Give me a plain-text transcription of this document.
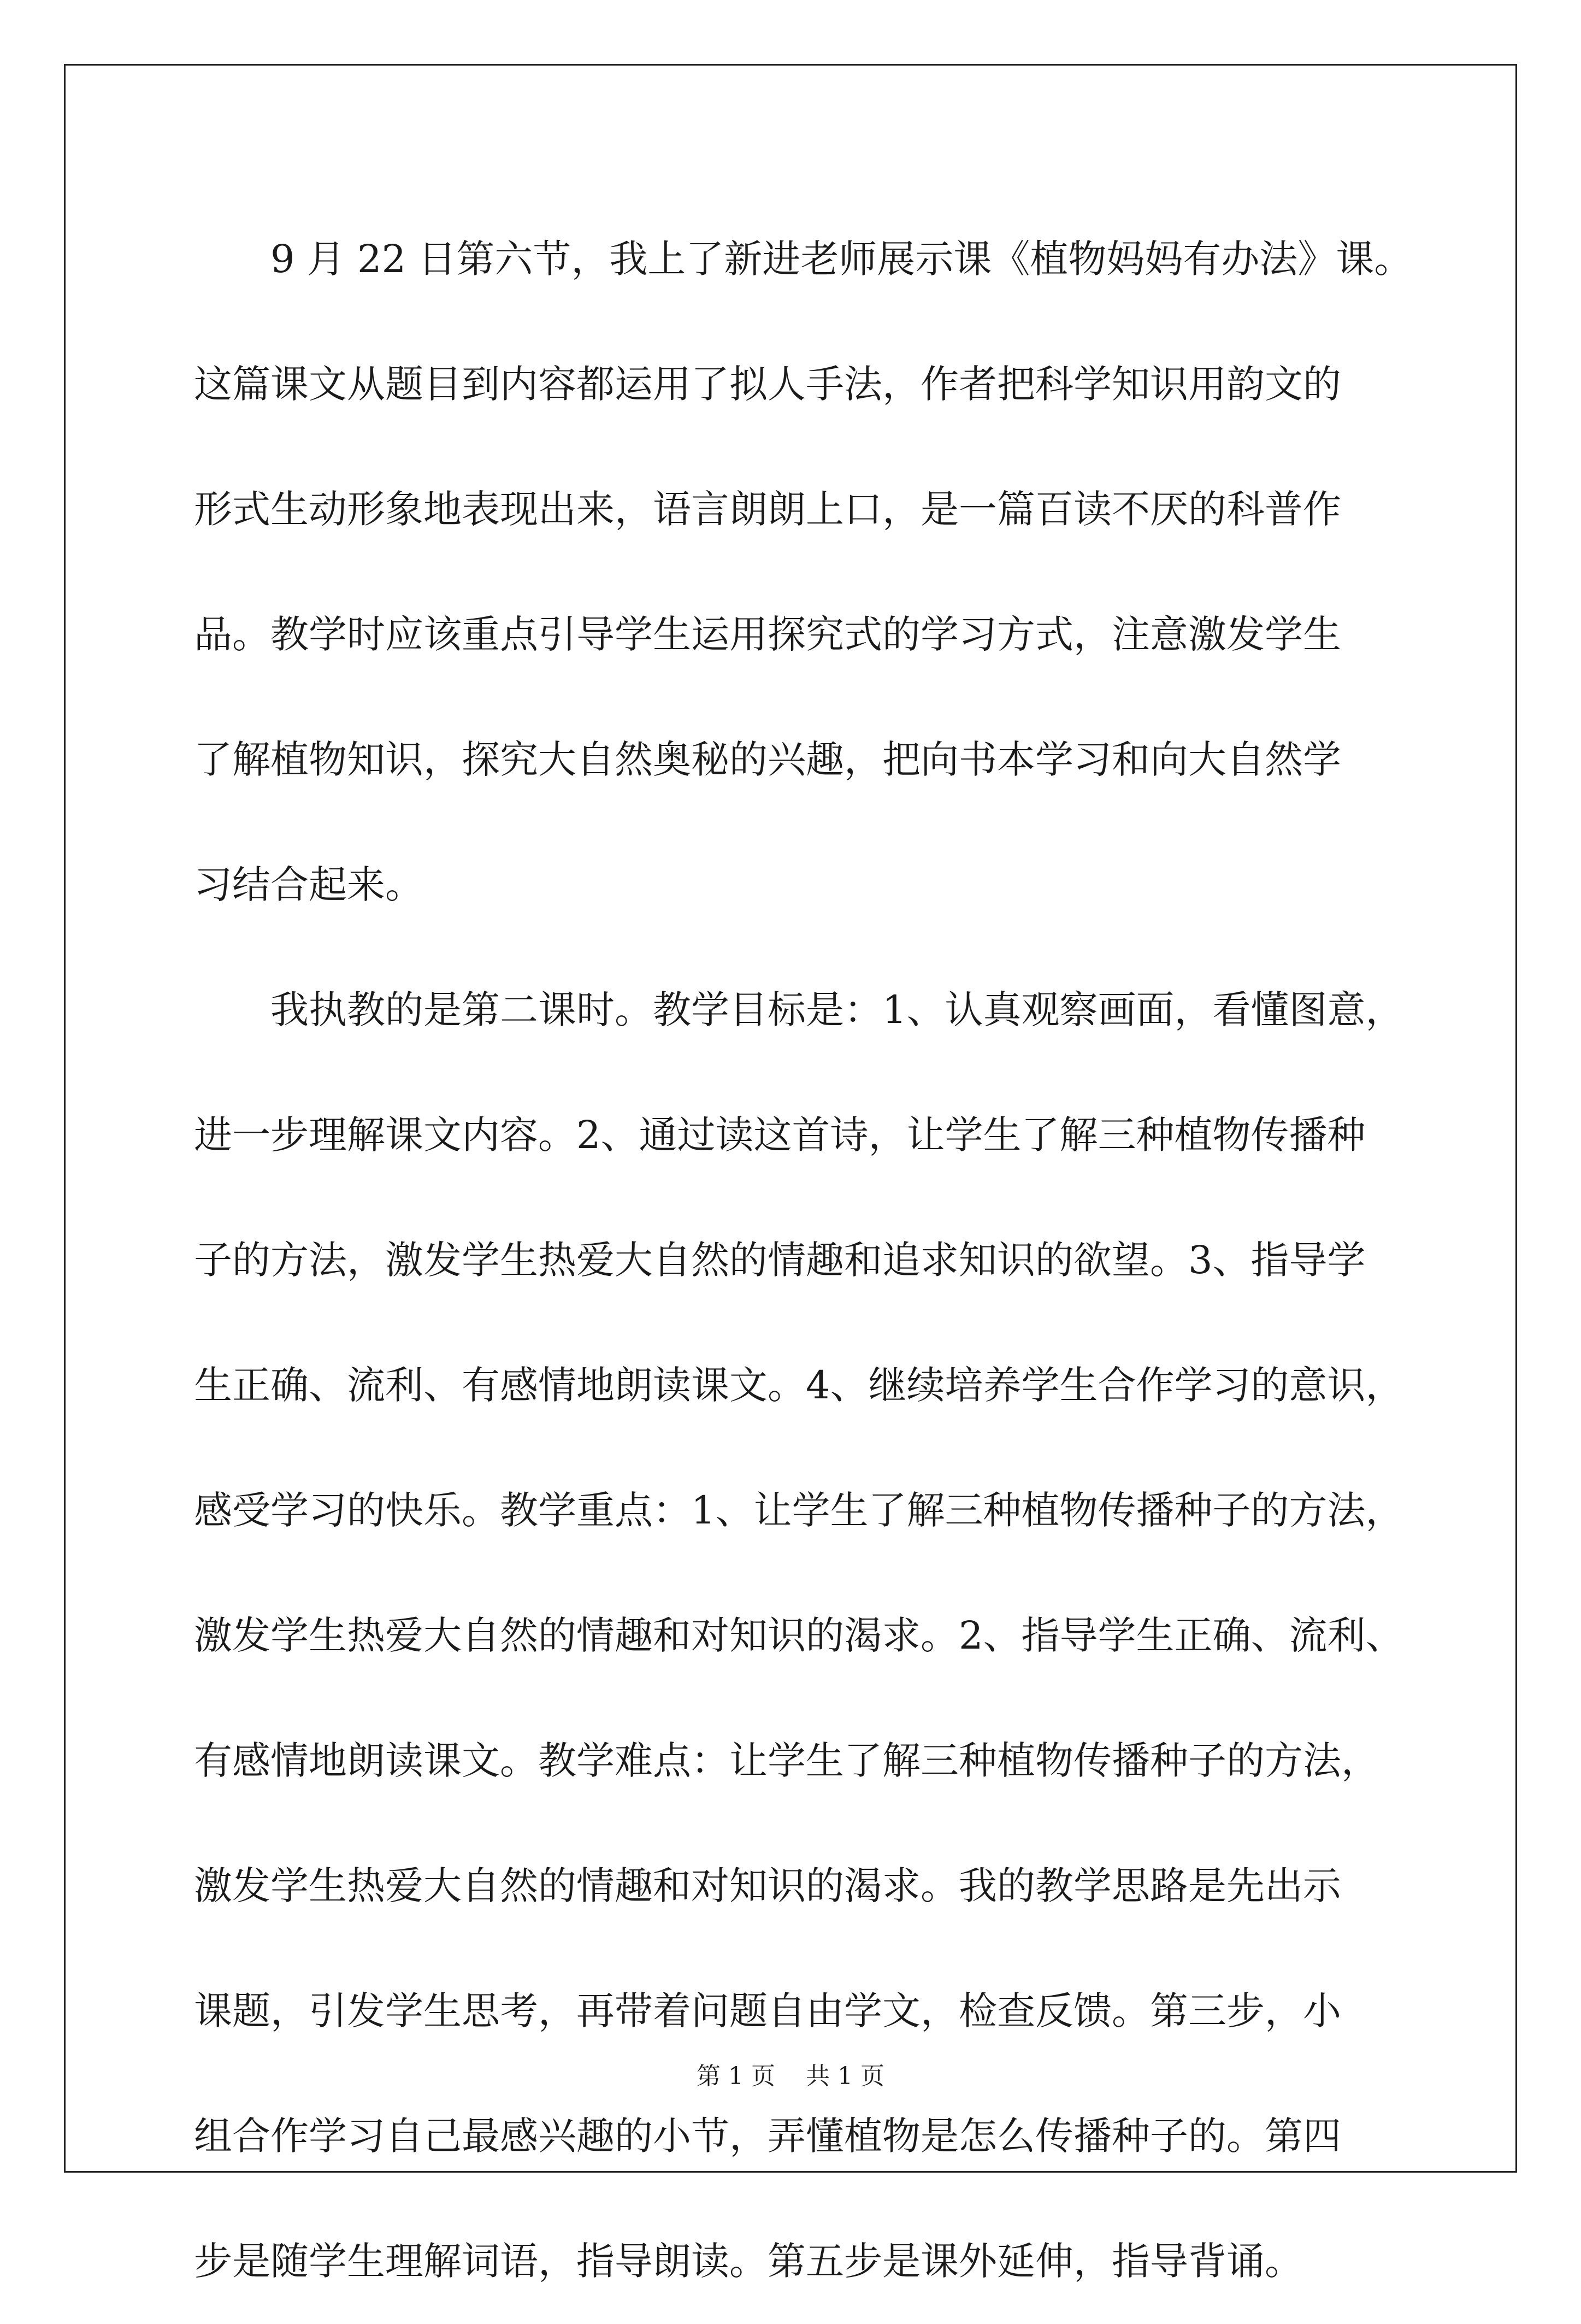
9 月 22 日第六节，我上了新进老师展示课《植物妈妈有办法》课。
这篇课文从题目到内容都运用了拟人手法，作者把科学知识用韵文的
形式生动形象地表现出来，语言朗朗上口，是一篇百读不厌的科普作
品。教学时应该重点引导学生运用探究式的学习方式，注意激发学生
了解植物知识，探究大自然奥秘的兴趣，把向书本学习和向大自然学
习结合起来。
我执教的是第二课时。教学目标是：1、认真观察画面，看懂图意，
进一步理解课文内容。2、通过读这首诗，让学生了解三种植物传播种
子的方法，激发学生热爱大自然的情趣和追求知识的欲望。3、指导学
生正确、流利、有感情地朗读课文。4、继续培养学生合作学习的意识，
感受学习的快乐。教学重点：1、让学生了解三种植物传播种子的方法，
激发学生热爱大自然的情趣和对知识的渴求。2、指导学生正确、流利、
有感情地朗读课文。教学难点：让学生了解三种植物传播种子的方法，
激发学生热爱大自然的情趣和对知识的渴求。我的教学思路是先出示
课题，引发学生思考，再带着问题自由学文，检查反馈。第三步，小
组合作学习自己最感兴趣的小节，弄懂植物是怎么传播种子的。第四
步是随学生理解词语，指导朗读。第五步是课外延伸，指导背诵。
第 1 页 共 1 页
